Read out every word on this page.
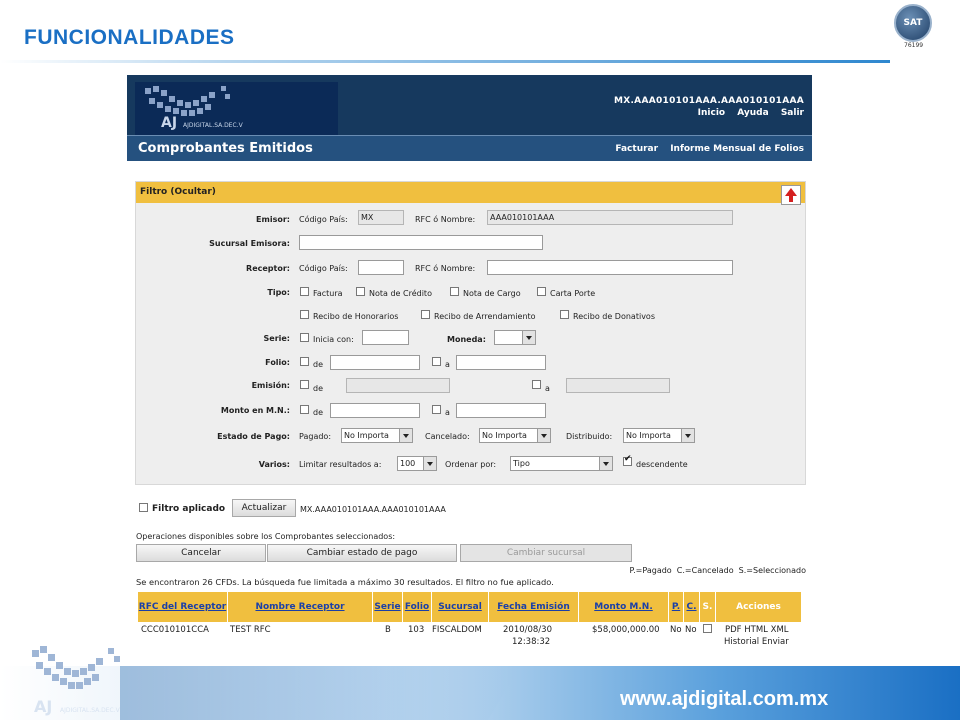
FUNCIONALIDADES
SAT
76199
AJ AJDIGITAL.SA.DEC.V
MX.AAA010101AAA.AAA010101AAA
Inicio Ayuda Salir
Comprobantes Emitidos	Facturar Informe Mensual de Folios
Filtro (Ocultar)
Emisor: Código País:	MX	RFC ó Nombre:	AAA010101AAA
Sucursal Emisora:
Receptor: Código País:	RFC ó Nombre:
Tipo:	Factura	Nota de Crédito	Nota de Cargo	Carta Porte
Recibo de Honorarios	Recibo de Arrendamiento	Recibo de Donativos
Serie:	Inicia con:	Moneda:
Folio:	de	a
Emisión:	de	a
Monto en M.N.:	de	a
Estado de Pago: Pagado:	No Importa	Cancelado:	No Importa	Distribuido:	No Importa
Varios: Limitar resultados a:	100	Ordenar por:	Tipo
✔	descendente
Filtro aplicado	Actualizar	MX.AAA010101AAA.AAA010101AAA
Operaciones disponibles sobre los Comprobantes seleccionados:
Cancelar	Cambiar estado de pago	Cambiar sucursal
P.=Pagado  C.=Cancelado  S.=Seleccionado
Se encontraron 26 CFDs. La búsqueda fue limitada a máximo 30 resultados. El filtro no fue aplicado.
RFC del Receptor	Nombre Receptor	Serie Folio	Sucursal	Fecha Emisión	Monto M.N.	P. C. S.	Acciones
CCC010101CCA TEST RFC	B 103 FISCALDOM 2010/08/30
12:38:32
$58,000,000.00 No No	PDF HTML XML
Historial Enviar
AJ AJDIGITAL.SA.DEC.V
www.ajdigital.com.mx
